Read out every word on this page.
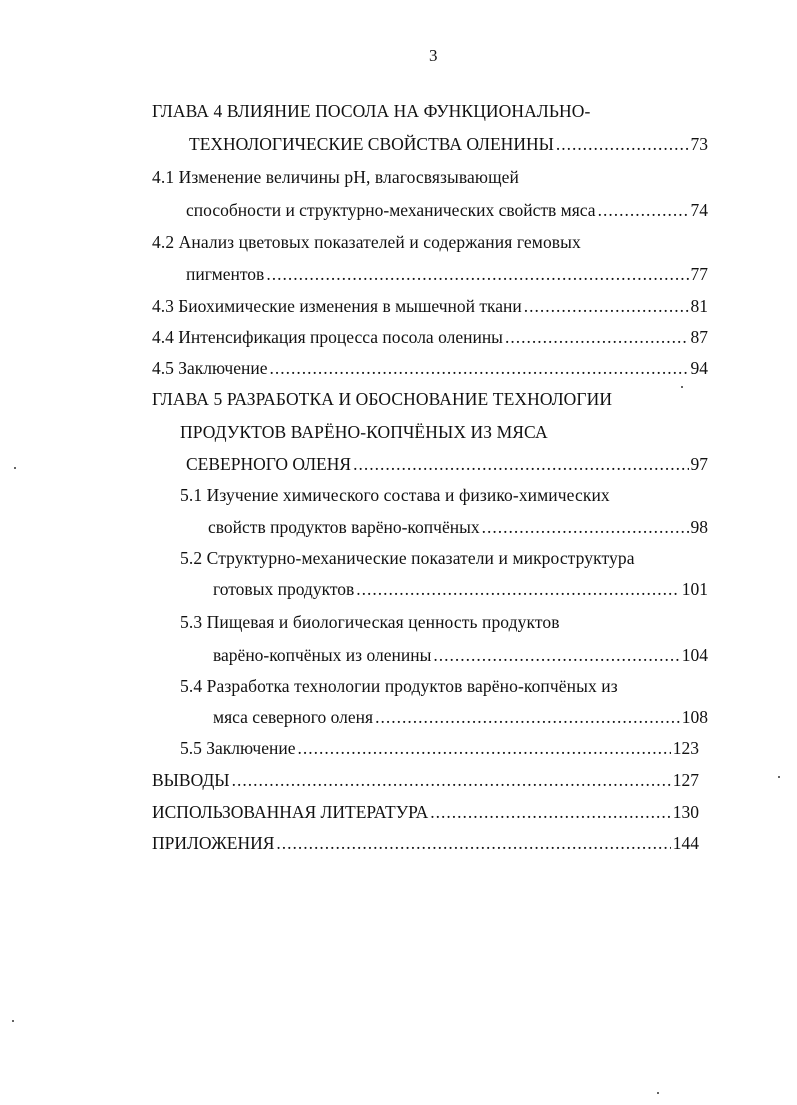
3
ГЛАВА 4 ВЛИЯНИЕ ПОСОЛА НА ФУНКЦИОНАЛЬНО-
ТЕХНОЛОГИЧЕСКИЕ СВОЙСТВА ОЛЕНИНЫ .....	73
4.1 Изменение величины pH, влагосвязывающей
способности и структурно-механических свойств мяса .....	74
4.2 Анализ цветовых показателей и содержания гемовых
пигментов .....	77
4.3 Биохимические изменения в мышечной ткани .....	81
4.4 Интенсификация процесса посола оленины .....	87
4.5 Заключение .....	94
ГЛАВА 5 РАЗРАБОТКА И ОБОСНОВАНИЕ ТЕХНОЛОГИИ
ПРОДУКТОВ ВАРЁНО-КОПЧЁНЫХ ИЗ МЯСА
СЕВЕРНОГО ОЛЕНЯ .....	97
5.1 Изучение химического состава и физико-химических
свойств продуктов варёно-копчёных .....	98
5.2 Структурно-механические показатели и микроструктура
готовых продуктов .....	101
5.3 Пищевая и биологическая ценность продуктов
варёно-копчёных из оленины .....	104
5.4 Разработка технологии продуктов варёно-копчёных из
мяса северного оленя .....	108
5.5 Заключение .....	123
ВЫВОДЫ .....	127
ИСПОЛЬЗОВАННАЯ ЛИТЕРАТУРА .....	130
ПРИЛОЖЕНИЯ .....	144
